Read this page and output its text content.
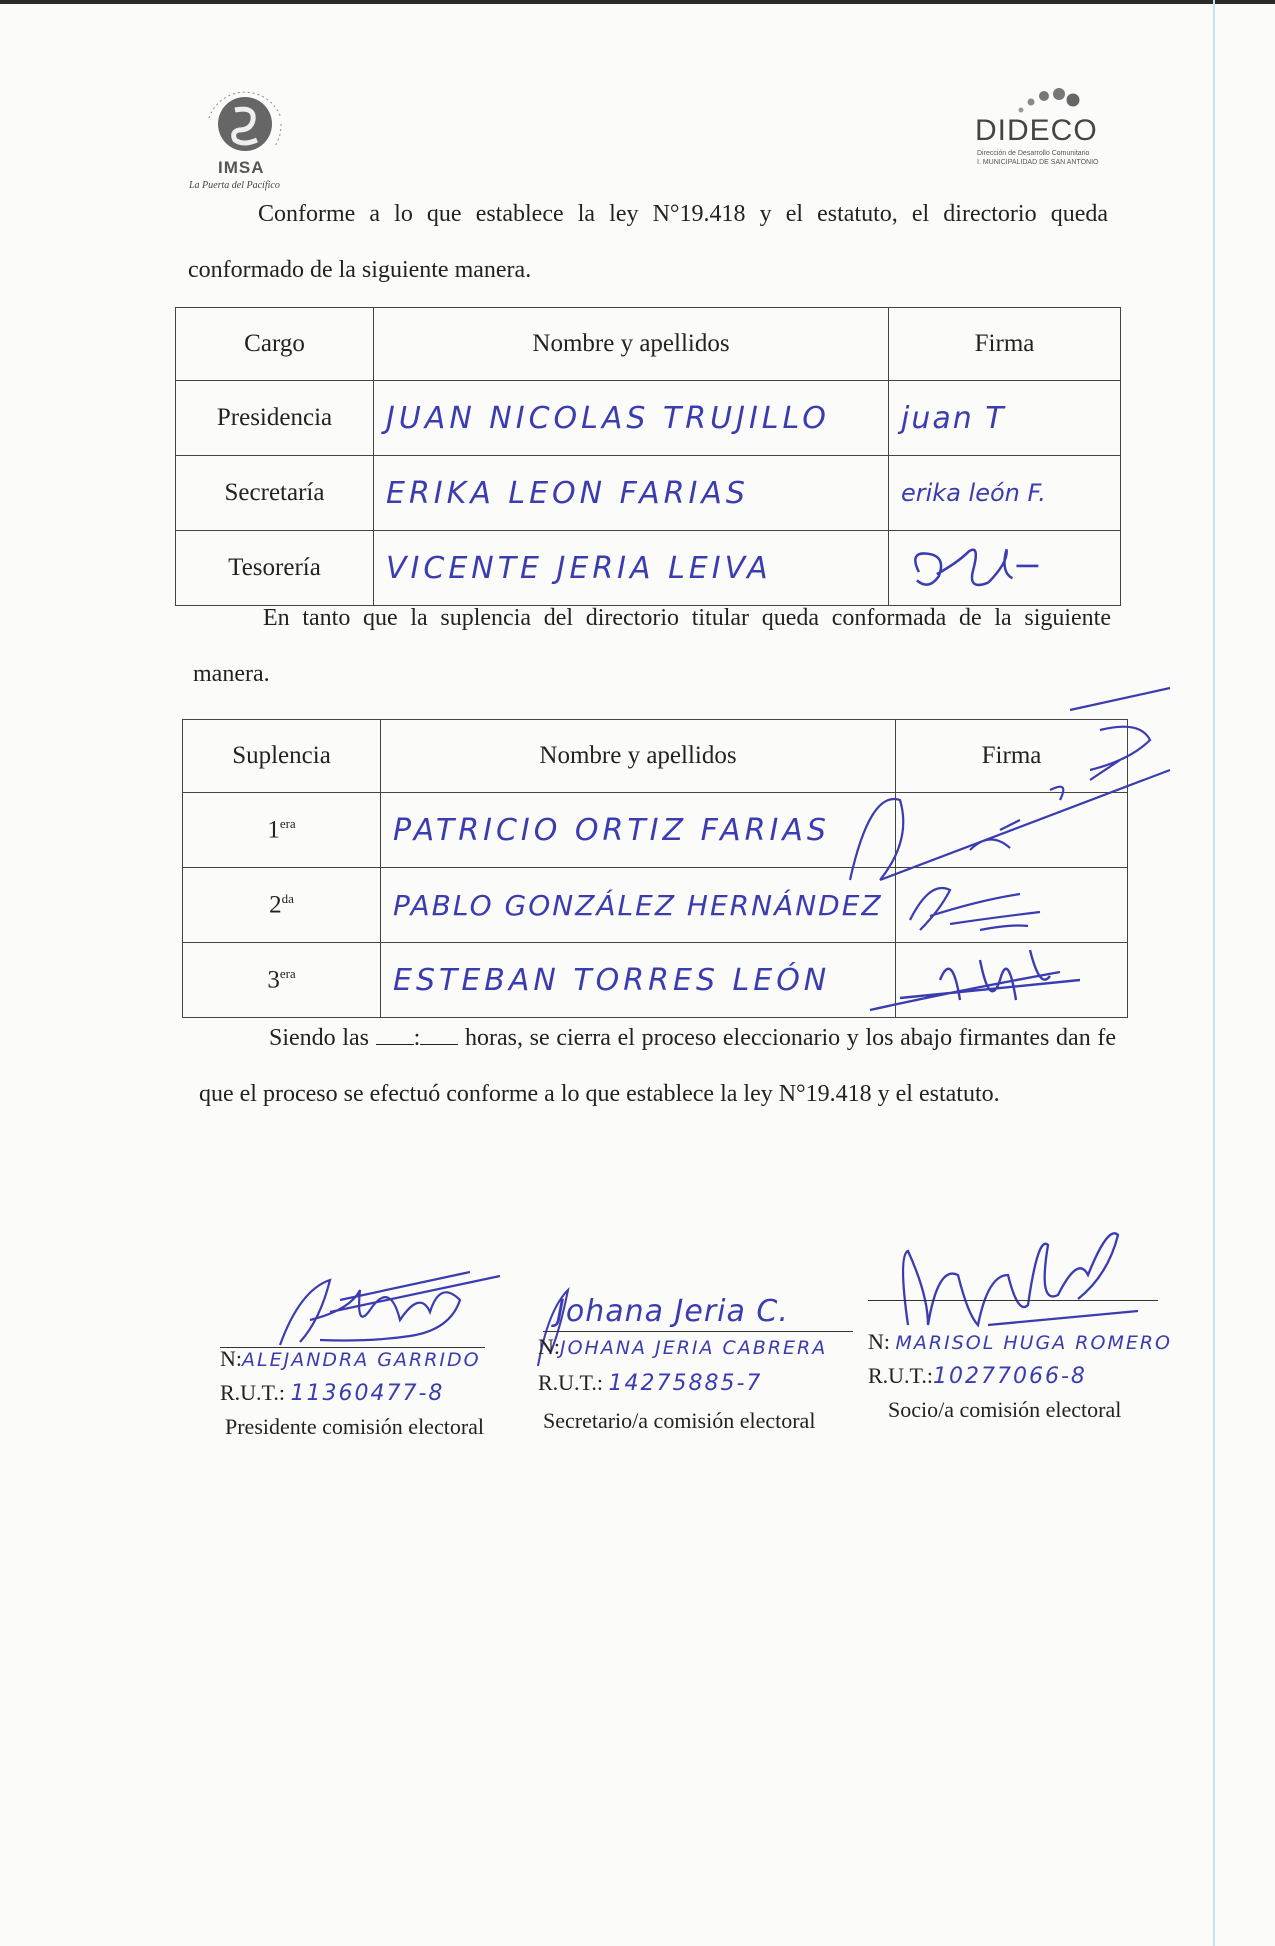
IMSA
La Puerta del Pacífico
DIDECO
Dirección de Desarrollo Comunitario
I. MUNICIPALIDAD DE SAN ANTONIO
Conforme a lo que establece la ley N°19.418 y el estatuto, el directorio queda conformado de la siguiente manera.
Cargo	Nombre y apellidos	Firma
Presidencia	JUAN NICOLAS TRUJILLO	juan T
Secretaría	ERIKA LEON FARIAS	erika león F.
Tesorería	VICENTE JERIA LEIVA	
En tanto que la suplencia del directorio titular queda conformada de la siguiente manera.
Suplencia	Nombre y apellidos	Firma
$1^{era}$	PATRICIO ORTIZ FARIAS	
$2^{da}$	PABLO GONZÁLEZ HERNÁNDEZ	
$3^{era}$	ESTEBAN TORRES LEÓN	
Siendo las : horas, se cierra el proceso eleccionario y los abajo firmantes dan fe que el proceso se efectuó conforme a lo que establece la ley N°19.418 y el estatuto.
N:ALEJANDRA GARRIDO
R.U.T.: 11360477-8
Presidente comisión electoral
Johana Jeria C.
N:JOHANA JERIA CABRERA
R.U.T.: 14275885-7
Secretario/a comisión electoral
N: MARISOL HUGA ROMERO
R.U.T.:10277066-8
Socio/a comisión electoral
